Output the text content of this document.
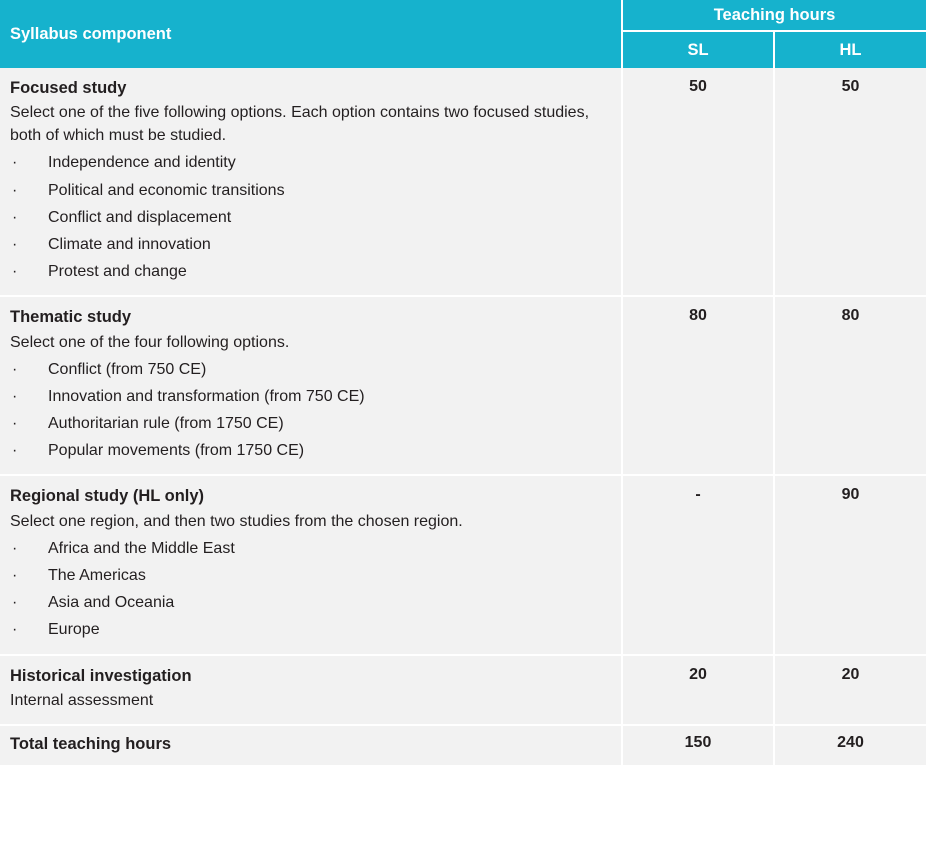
Syllabus component	Teaching hours	
	SL	HL

Focused study

Select one of the five following options. Each option contains two focused studies, both of which must be studied.

· Independence and identity
· Political and economic transitions
· Conflict and displacement
· Climate and innovation
· Protest and change
	50	50

Thematic study

Select one of the four following options.

· Conflict (from 750 CE)
· Innovation and transformation (from 750 CE)
· Authoritarian rule (from 1750 CE)
· Popular movements (from 1750 CE)
	80	80

Regional study (HL only)

Select one region, and then two studies from the chosen region.

· Africa and the Middle East
· The Americas
· Asia and Oceania
· Europe
	-	90

Historical investigation

Internal assessment	20	20

Total teaching hours	150	240
